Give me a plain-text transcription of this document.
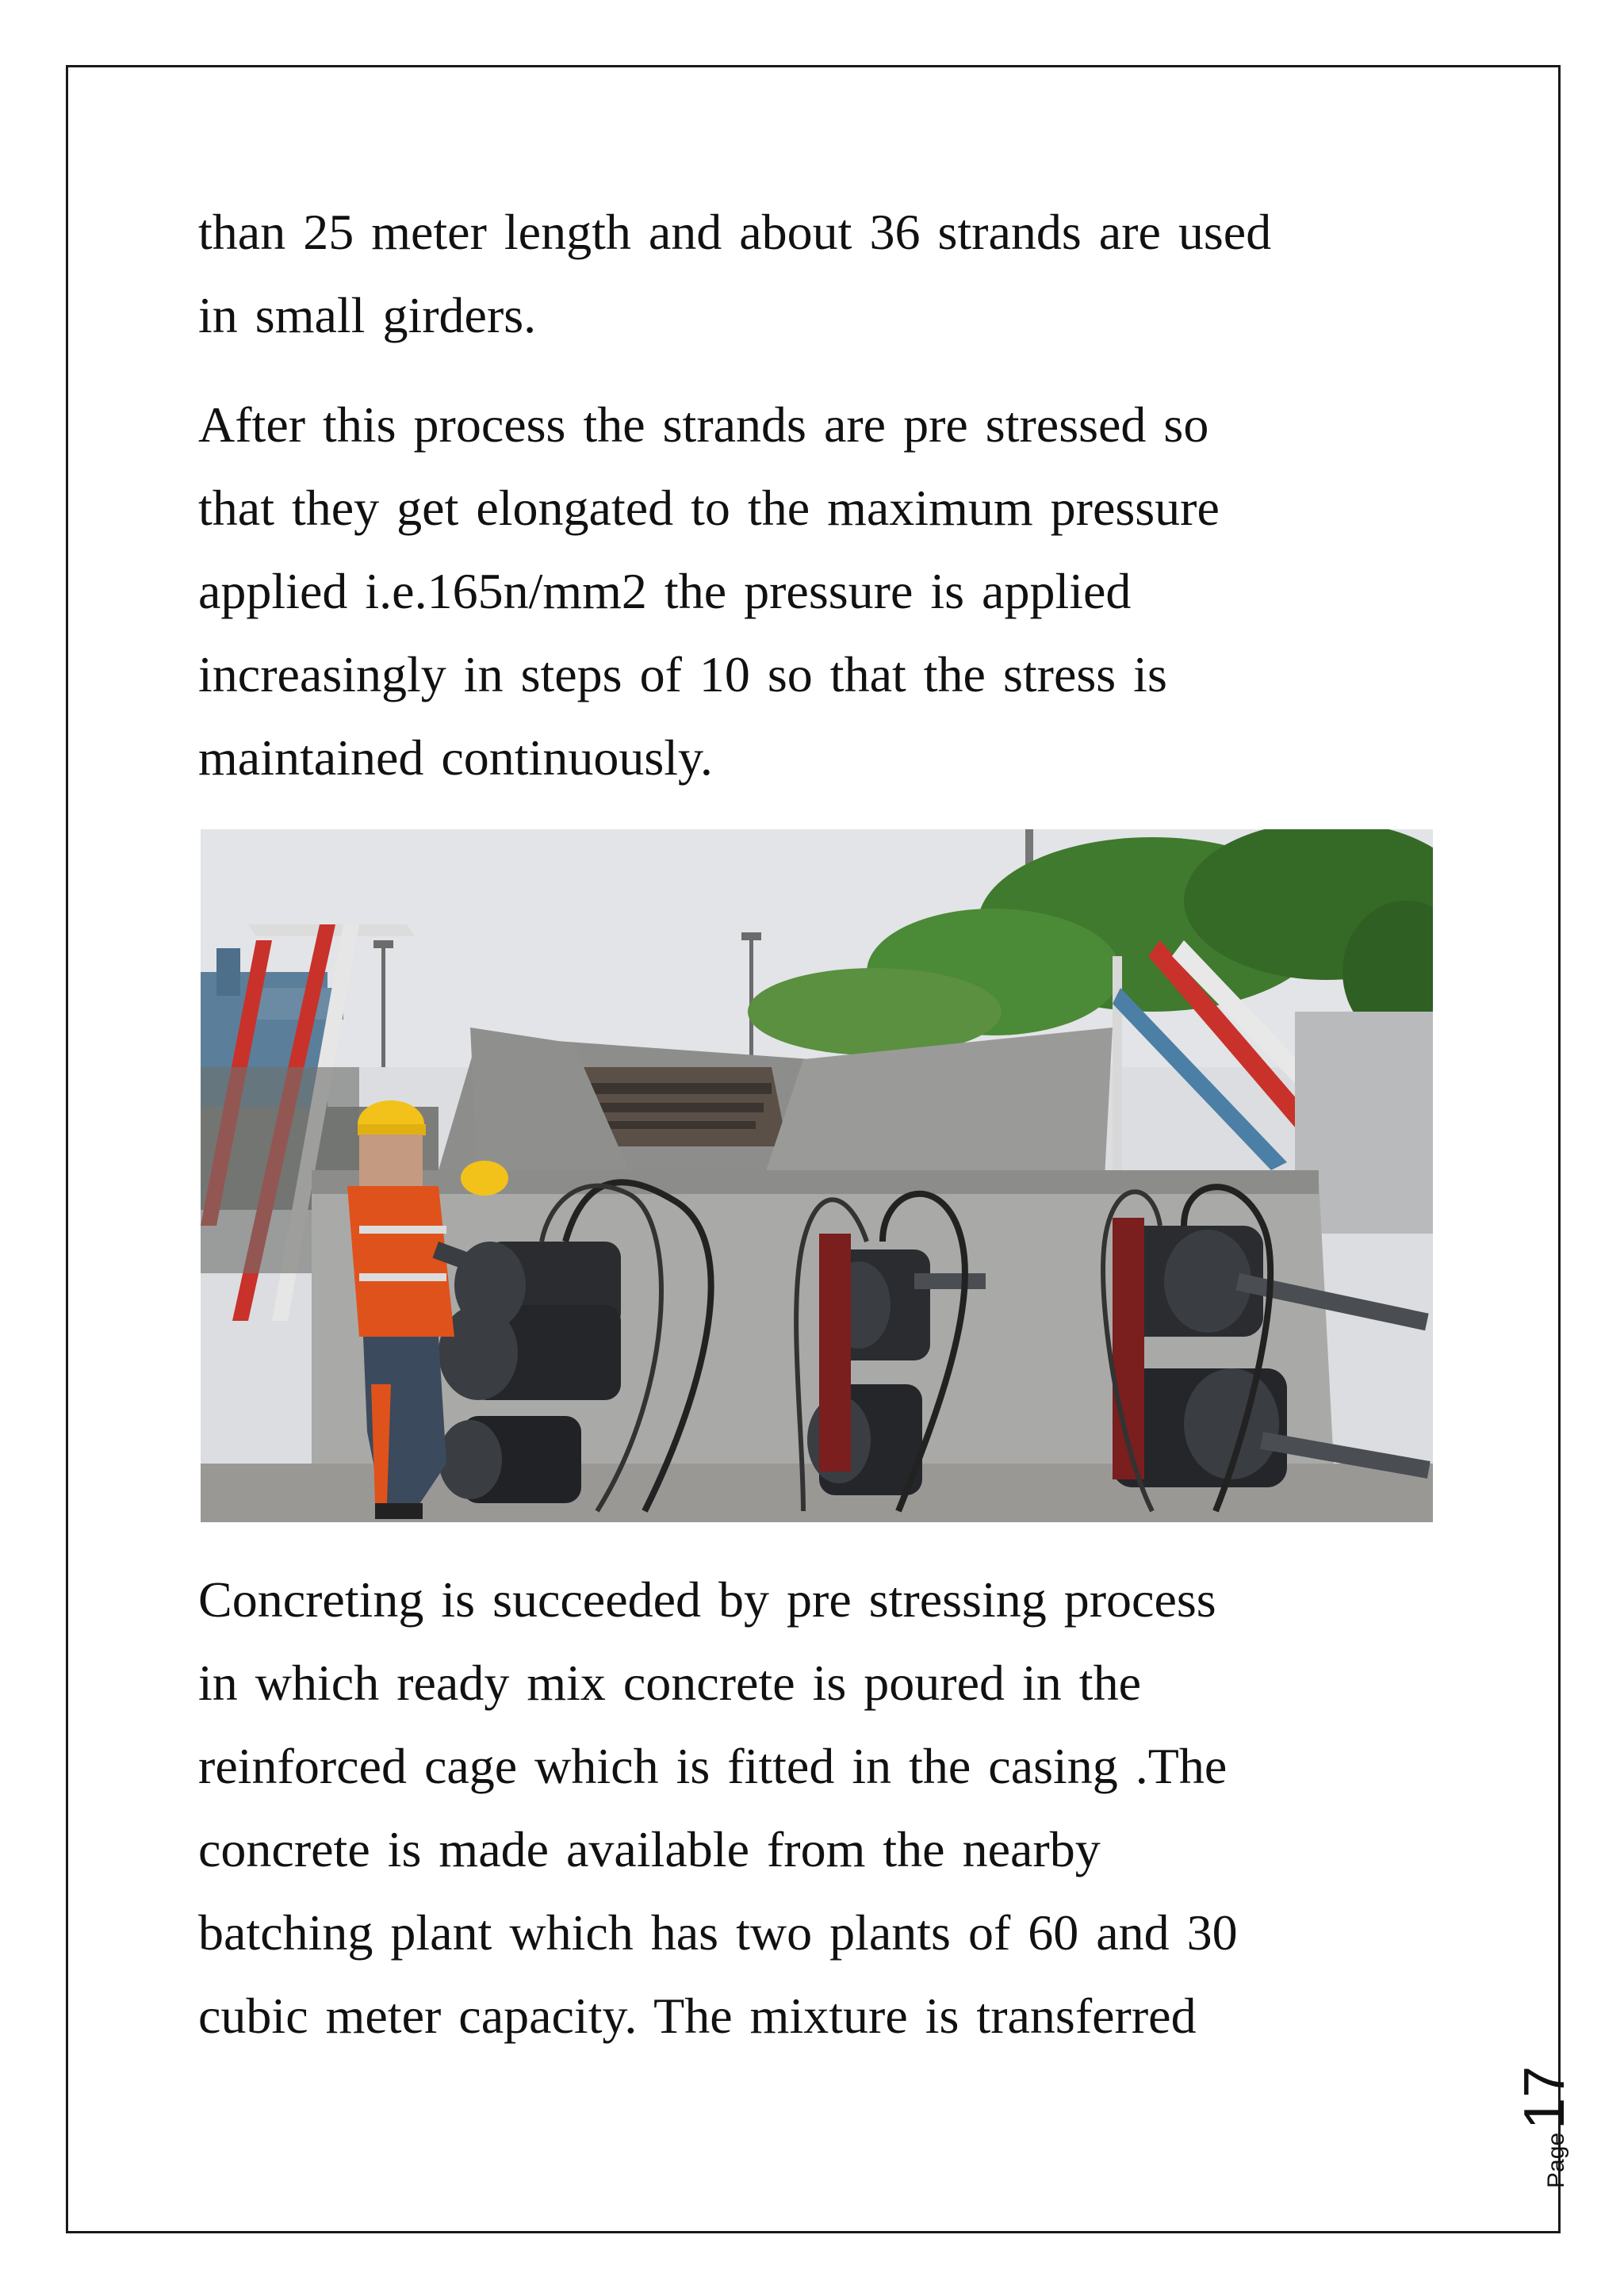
than 25 meter length and about 36 strands are used
in small girders.

After this process the strands are pre stressed so
that they get elongated to the maximum pressure
applied i.e.165n/mm2 the pressure is applied
increasingly in steps of 10 so that the stress is
maintained continuously.

Concreting is succeeded by pre stressing process
in which ready mix concrete is poured in the
reinforced cage which is fitted in the casing .The
concrete is made available from the nearby
batching plant which has two plants of 60 and 30
cubic meter capacity. The mixture is transferred

Page
17
